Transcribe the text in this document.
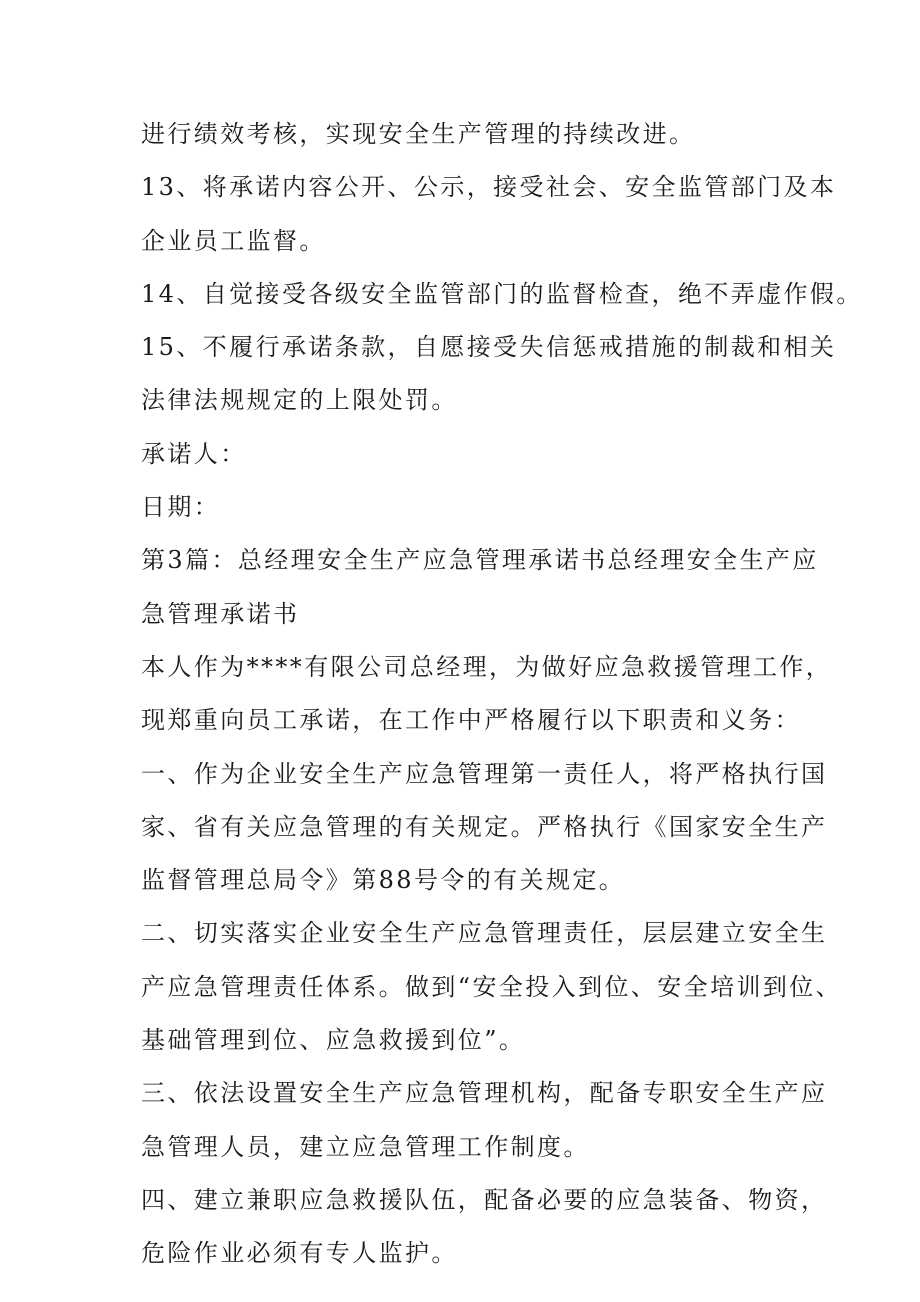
进行绩效考核，实现安全生产管理的持续改进。

13、将承诺内容公开、公示，接受社会、安全监管部门及本

企业员工监督。

14、自觉接受各级安全监管部门的监督检查，绝不弄虚作假。

15、不履行承诺条款，自愿接受失信惩戒措施的制裁和相关

法律法规规定的上限处罚。

承诺人：

日期：

第3篇：总经理安全生产应急管理承诺书总经理安全生产应

急管理承诺书

本人作为****有限公司总经理，为做好应急救援管理工作，

现郑重向员工承诺，在工作中严格履行以下职责和义务：

一、作为企业安全生产应急管理第一责任人，将严格执行国

家、省有关应急管理的有关规定。严格执行《国家安全生产

监督管理总局令》第88号令的有关规定。

二、切实落实企业安全生产应急管理责任，层层建立安全生

产应急管理责任体系。做到“安全投入到位、安全培训到位、

基础管理到位、应急救援到位”。

三、依法设置安全生产应急管理机构，配备专职安全生产应

急管理人员，建立应急管理工作制度。

四、建立兼职应急救援队伍，配备必要的应急装备、物资，

危险作业必须有专人监护。
